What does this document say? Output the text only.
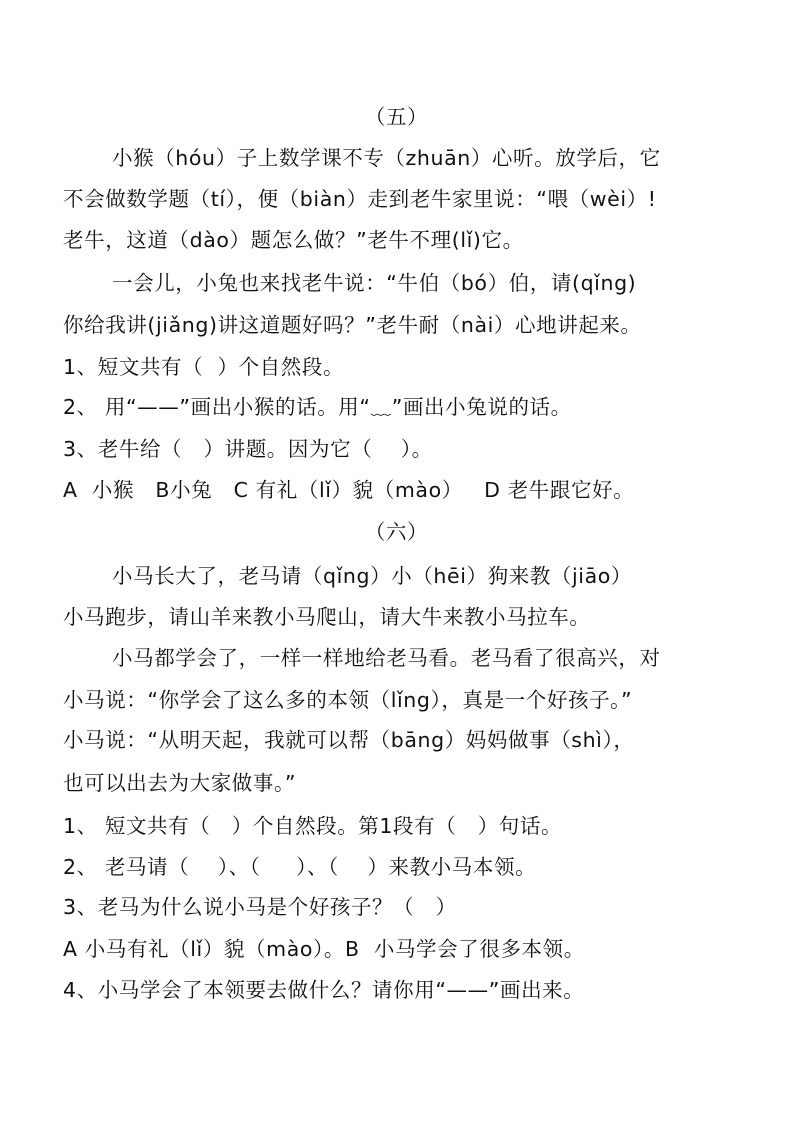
（五）
小猴（hóu）子上数学课不专（zhuān）心听。放学后，它
不会做数学题（tí），便（biàn）走到老牛家里说：“喂（wèi）!
老牛，这道（dào）题怎么做？”老牛不理(lǐ)它。
一会儿，小兔也来找老牛说：“牛伯（bó）伯，请(qǐng)
你给我讲(jiǎng)讲这道题好吗？”老牛耐（nài）心地讲起来。
1、短文共有（  ）个自然段。
2、 用“——”画出小猴的话。用“﹏”画出小兔说的话。
3、老牛给（   ）讲题。因为它（    ）。
A  小猴   B小兔   C 有礼（lǐ）貌（mào）   D 老牛跟它好。
（六）
小马长大了，老马请（qǐng）小（hēi）狗来教（jiāo）
小马跑步，请山羊来教小马爬山，请大牛来教小马拉车。
小马都学会了，一样一样地给老马看。老马看了很高兴，对
小马说：“你学会了这么多的本领（lǐng），真是一个好孩子。”
小马说：“从明天起，我就可以帮（bāng）妈妈做事（shì），
也可以出去为大家做事。”
1、 短文共有（   ）个自然段。第1段有（   ）句话。
2、 老马请（    ）、（     ）、（    ）来教小马本领。
3、老马为什么说小马是个好孩子？（   ）
A 小马有礼（lǐ）貌（mào）。B  小马学会了很多本领。
4、小马学会了本领要去做什么？请你用“——”画出来。
